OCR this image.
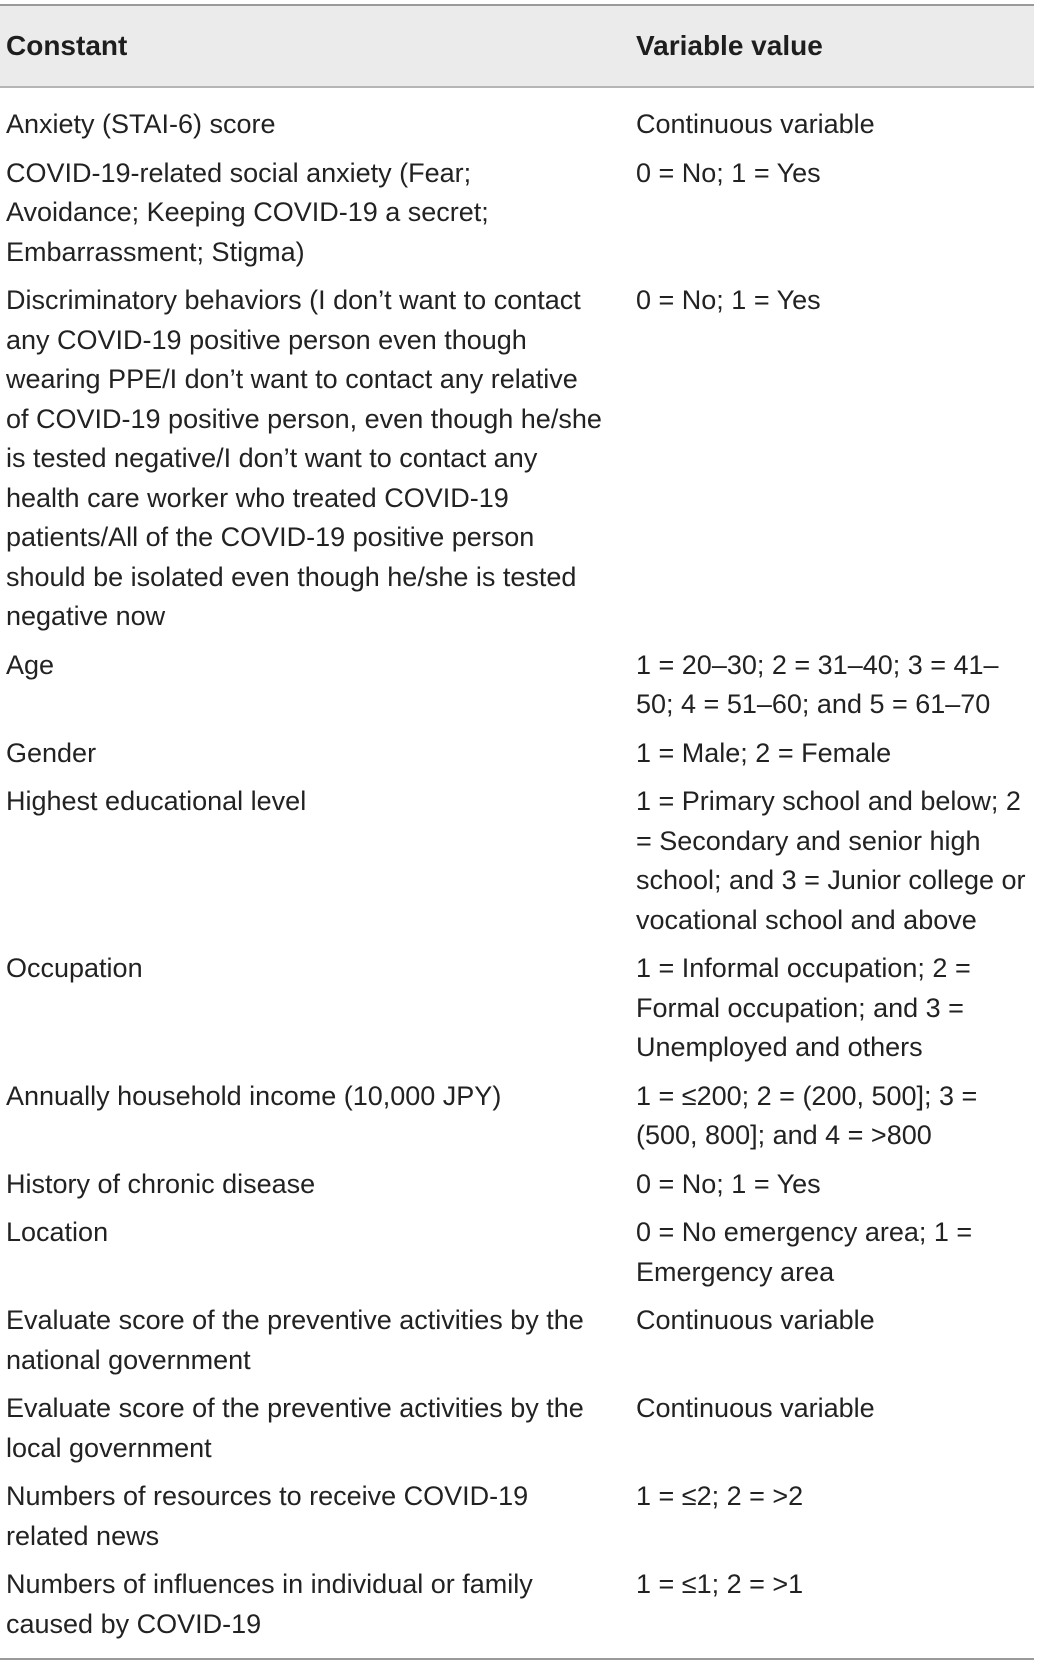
Constant	Variable value
Anxiety (STAI-6) score	Continuous variable
COVID-19-related social anxiety (Fear; Avoidance; Keeping COVID-19 a secret; Embarrassment; Stigma)	0 = No; 1 = Yes
Discriminatory behaviors (I don’t want to contact any COVID-19 positive person even though wearing PPE/I don’t want to contact any relative of COVID-19 positive person, even though he/she is tested negative/I don’t want to contact any health care worker who treated COVID-19 patients/All of the COVID-19 positive person should be isolated even though he/she is tested negative now	0 = No; 1 = Yes
Age	1 = 20–30; 2 = 31–40; 3 = 41–50; 4 = 51–60; and 5 = 61–70
Gender	1 = Male; 2 = Female
Highest educational level	1 = Primary school and below; 2 = Secondary and senior high school; and 3 = Junior college or vocational school and above
Occupation	1 = Informal occupation; 2 = Formal occupation; and 3 = Unemployed and others
Annually household income (10,000 JPY)	1 = ≤200; 2 = (200, 500]; 3 = (500, 800]; and 4 = >800
History of chronic disease	0 = No; 1 = Yes
Location	0 = No emergency area; 1 = Emergency area
Evaluate score of the preventive activities by the national government	Continuous variable
Evaluate score of the preventive activities by the local government	Continuous variable
Numbers of resources to receive COVID-19 related news	1 = ≤2; 2 = >2
Numbers of influences in individual or family caused by COVID-19	1 = ≤1; 2 = >1
